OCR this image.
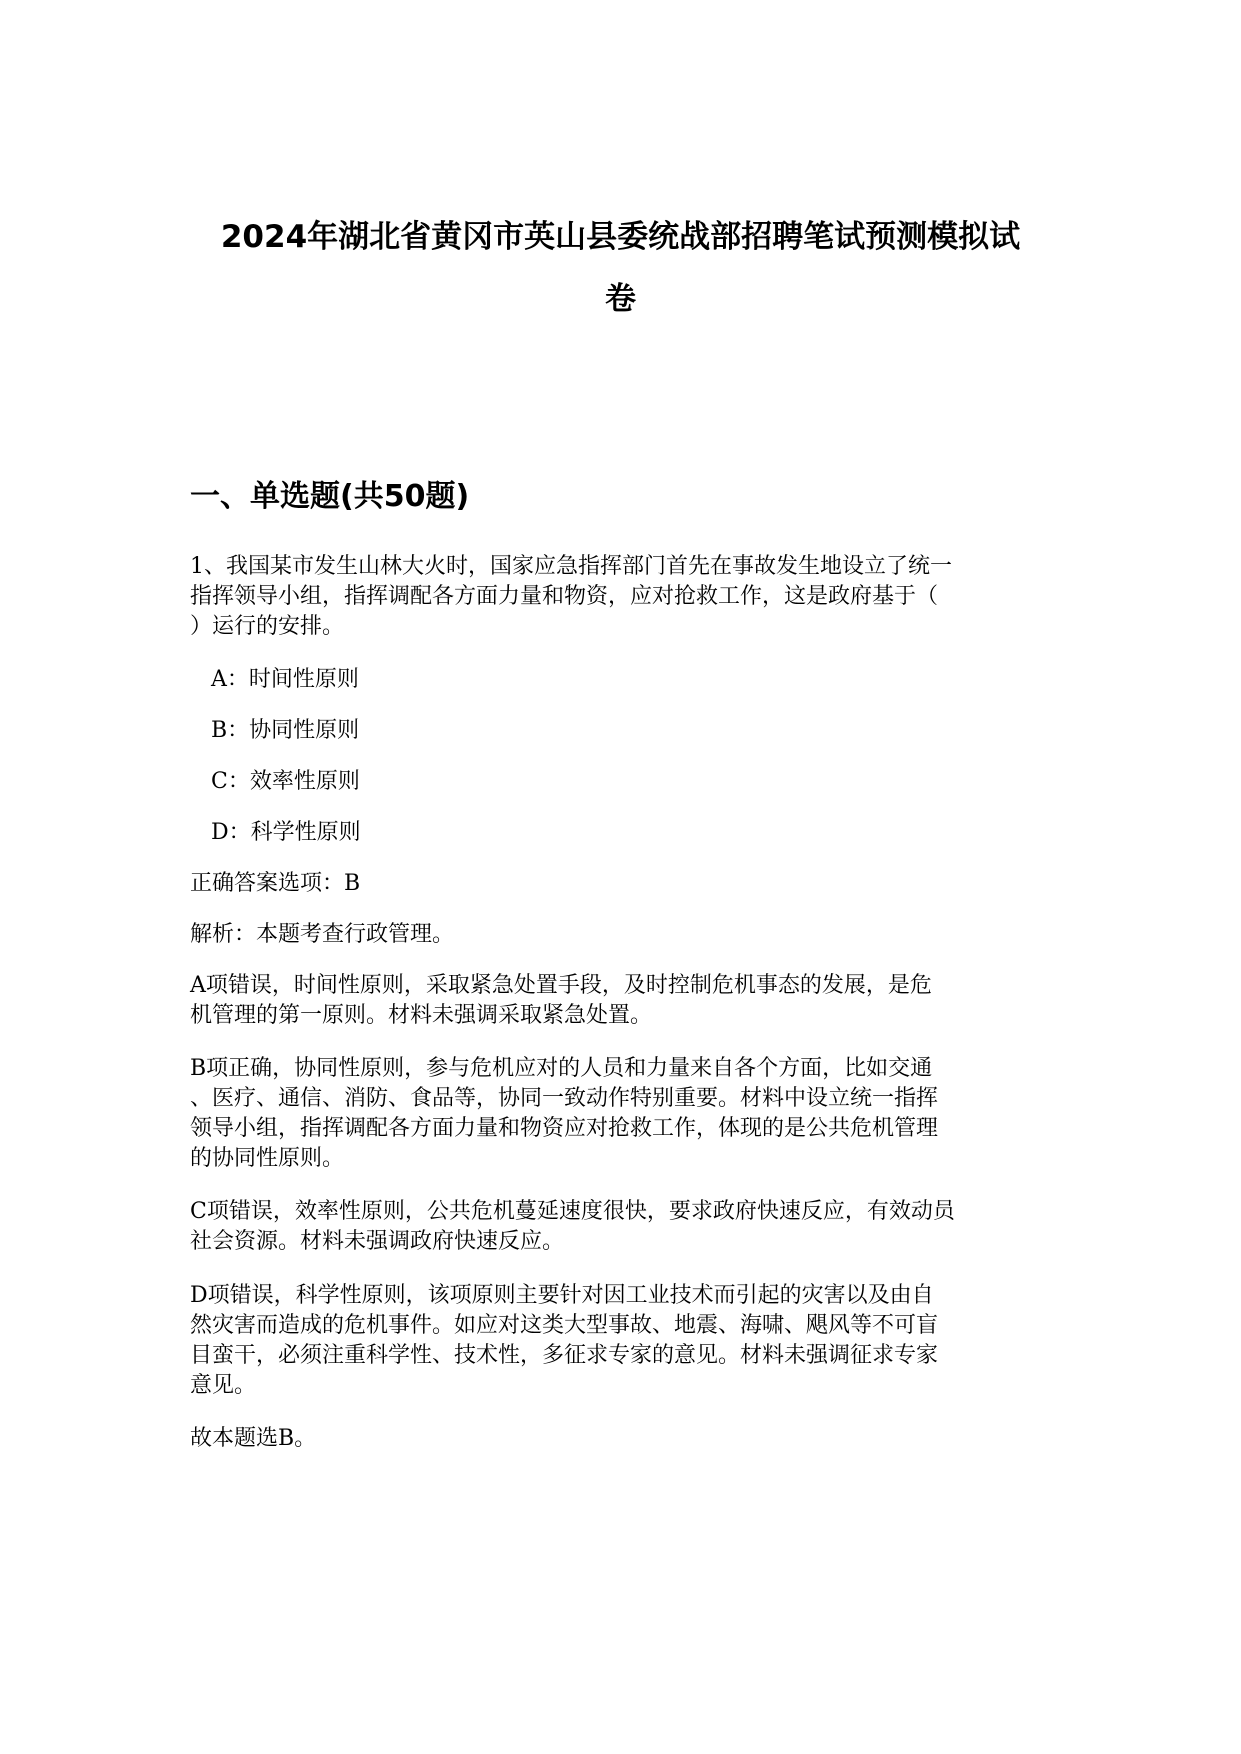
2024年湖北省黄冈市英山县委统战部招聘笔试预测模拟试
卷
一、单选题(共50题)

1、我国某市发生山林大火时，国家应急指挥部门首先在事故发生地设立了统一

指挥领导小组，指挥调配各方面力量和物资，应对抢救工作，这是政府基于（

）运行的安排。

A：时间性原则

B：协同性原则

C：效率性原则

D：科学性原则

正确答案选项：B

解析：本题考查行政管理。

A项错误，时间性原则，采取紧急处置手段，及时控制危机事态的发展，是危

机管理的第一原则。材料未强调采取紧急处置。

B项正确，协同性原则，参与危机应对的人员和力量来自各个方面，比如交通

、医疗、通信、消防、食品等，协同一致动作特别重要。材料中设立统一指挥

领导小组，指挥调配各方面力量和物资应对抢救工作，体现的是公共危机管理

的协同性原则。

C项错误，效率性原则，公共危机蔓延速度很快，要求政府快速反应，有效动员

社会资源。材料未强调政府快速反应。

D项错误，科学性原则，该项原则主要针对因工业技术而引起的灾害以及由自

然灾害而造成的危机事件。如应对这类大型事故、地震、海啸、飓风等不可盲

目蛮干，必须注重科学性、技术性，多征求专家的意见。材料未强调征求专家

意见。

故本题选B。
